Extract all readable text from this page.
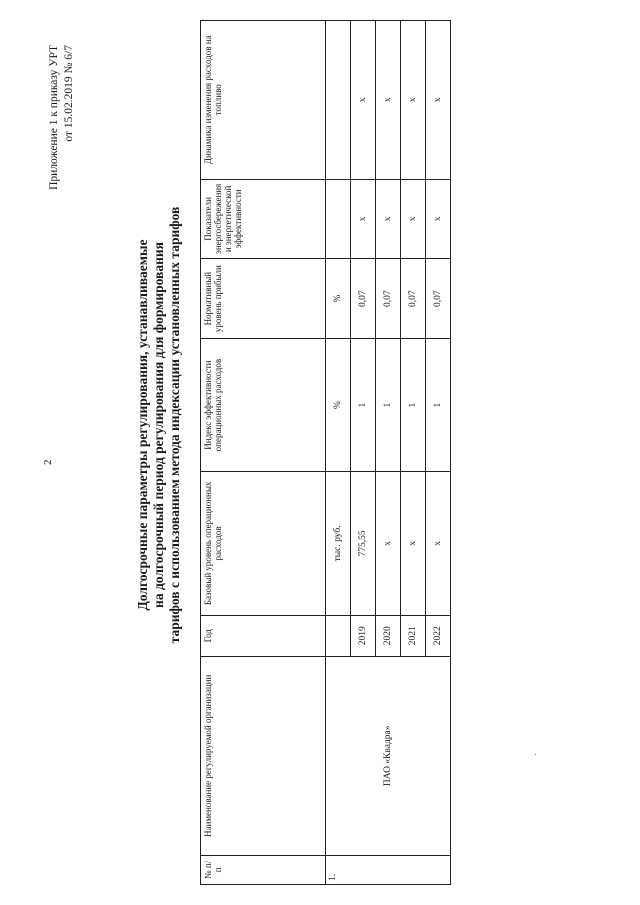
2
Приложение 1 к приказу УРТ от 15.02.2019 № 6/7
Долгосрочные параметры регулирования, устанавливаемые на долгосрочный период регулирования для формирования тарифов с использованием метода индексации установленных тарифов
№ п/ п	Наименование регулируемой организации	Год	Базовый уровень операционных расходов	Индекс эффективности операционных расходов	Нормативный уровень прибыли	Показатели энергосбережения и энергетической эффективности	Динамика изменения расходов на топливо
1.	ПАО «Квадра»		тыс. руб.	%	%		
		2019	775,55	1	0,07	x	x
		2020	x	1	0,07	x	x
		2021	x	1	0,07	x	x
		2022	x	1	0,07	x	x
